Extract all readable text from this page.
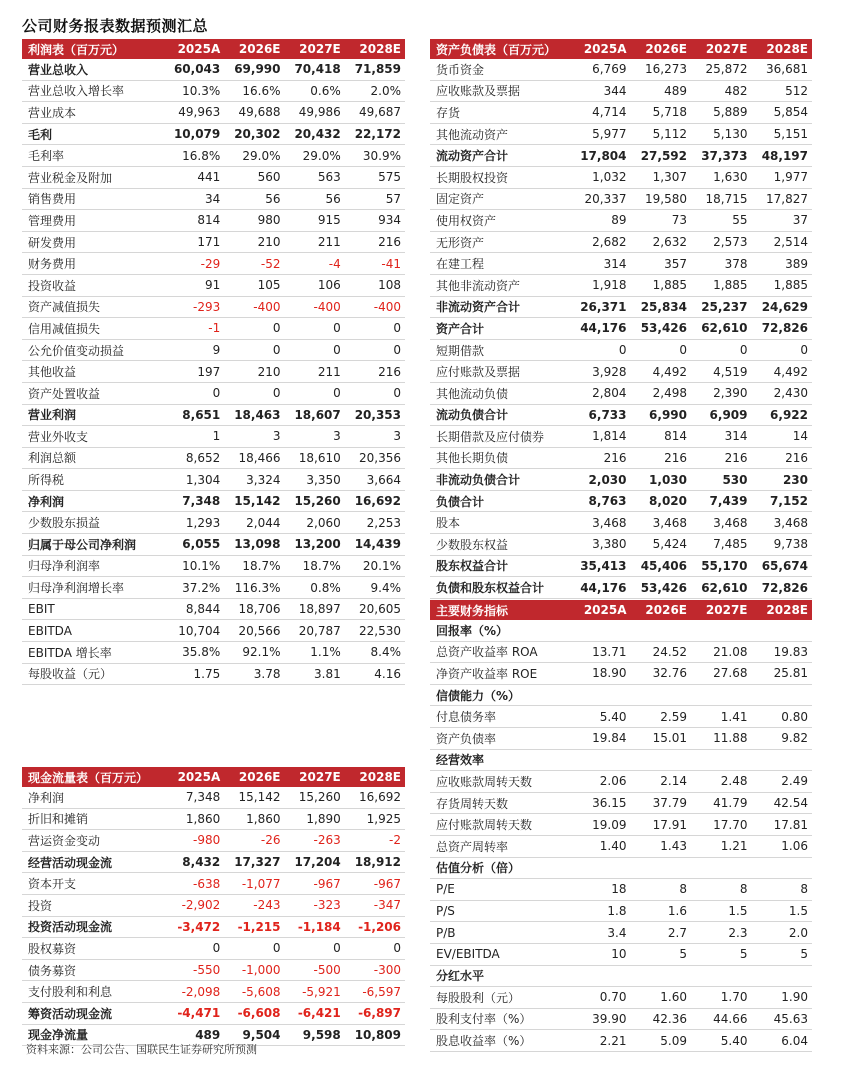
公司财务报表数据预测汇总
利润表（百万元）	2025A	2026E	2027E	2028E
营业总收入	60,043	69,990	70,418	71,859
营业总收入增长率	10.3%	16.6%	0.6%	2.0%
营业成本	49,963	49,688	49,986	49,687
毛利	10,079	20,302	20,432	22,172
毛利率	16.8%	29.0%	29.0%	30.9%
营业税金及附加	441	560	563	575
销售费用	34	56	56	57
管理费用	814	980	915	934
研发费用	171	210	211	216
财务费用	-29	-52	-4	-41
投资收益	91	105	106	108
资产减值损失	-293	-400	-400	-400
信用减值损失	-1	0	0	0
公允价值变动损益	9	0	0	0
其他收益	197	210	211	216
资产处置收益	0	0	0	0
营业利润	8,651	18,463	18,607	20,353
营业外收支	1	3	3	3
利润总额	8,652	18,466	18,610	20,356
所得税	1,304	3,324	3,350	3,664
净利润	7,348	15,142	15,260	16,692
少数股东损益	1,293	2,044	2,060	2,253
归属于母公司净利润	6,055	13,098	13,200	14,439
归母净利润率	10.1%	18.7%	18.7%	20.1%
归母净利润增长率	37.2%	116.3%	0.8%	9.4%
EBIT	8,844	18,706	18,897	20,605
EBITDA	10,704	20,566	20,787	22,530
EBITDA 增长率	35.8%	92.1%	1.1%	8.4%
每股收益（元）	1.75	3.78	3.81	4.16
资产负债表（百万元）	2025A	2026E	2027E	2028E
货币资金	6,769	16,273	25,872	36,681
应收账款及票据	344	489	482	512
存货	4,714	5,718	5,889	5,854
其他流动资产	5,977	5,112	5,130	5,151
流动资产合计	17,804	27,592	37,373	48,197
长期股权投资	1,032	1,307	1,630	1,977
固定资产	20,337	19,580	18,715	17,827
使用权资产	89	73	55	37
无形资产	2,682	2,632	2,573	2,514
在建工程	314	357	378	389
其他非流动资产	1,918	1,885	1,885	1,885
非流动资产合计	26,371	25,834	25,237	24,629
资产合计	44,176	53,426	62,610	72,826
短期借款	0	0	0	0
应付账款及票据	3,928	4,492	4,519	4,492
其他流动负债	2,804	2,498	2,390	2,430
流动负债合计	6,733	6,990	6,909	6,922
长期借款及应付债券	1,814	814	314	14
其他长期负债	216	216	216	216
非流动负债合计	2,030	1,030	530	230
负债合计	8,763	8,020	7,439	7,152
股本	3,468	3,468	3,468	3,468
少数股东权益	3,380	5,424	7,485	9,738
股东权益合计	35,413	45,406	55,170	65,674
负债和股东权益合计	44,176	53,426	62,610	72,826
主要财务指标	2025A	2026E	2027E	2028E
回报率（%）				
总资产收益率 ROA	13.71	24.52	21.08	19.83
净资产收益率 ROE	18.90	32.76	27.68	25.81
信债能力（%）				
付息债务率	5.40	2.59	1.41	0.80
资产负债率	19.84	15.01	11.88	9.82
经营效率				
应收账款周转天数	2.06	2.14	2.48	2.49
存货周转天数	36.15	37.79	41.79	42.54
应付账款周转天数	19.09	17.91	17.70	17.81
总资产周转率	1.40	1.43	1.21	1.06
估值分析（倍）				
P/E	18	8	8	8
P/S	1.8	1.6	1.5	1.5
P/B	3.4	2.7	2.3	2.0
EV/EBITDA	10	5	5	5
分红水平				
每股股利（元）	0.70	1.60	1.70	1.90
股利支付率（%）	39.90	42.36	44.66	45.63
股息收益率（%）	2.21	5.09	5.40	6.04
现金流量表（百万元）	2025A	2026E	2027E	2028E
净利润	7,348	15,142	15,260	16,692
折旧和摊销	1,860	1,860	1,890	1,925
营运资金变动	-980	-26	-263	-2
经营活动现金流	8,432	17,327	17,204	18,912
资本开支	-638	-1,077	-967	-967
投资	-2,902	-243	-323	-347
投资活动现金流	-3,472	-1,215	-1,184	-1,206
股权募资	0	0	0	0
债务募资	-550	-1,000	-500	-300
支付股利和利息	-2,098	-5,608	-5,921	-6,597
筹资活动现金流	-4,471	-6,608	-6,421	-6,897
现金净流量	489	9,504	9,598	10,809
资料来源：公司公告、国联民生证券研究所预测
